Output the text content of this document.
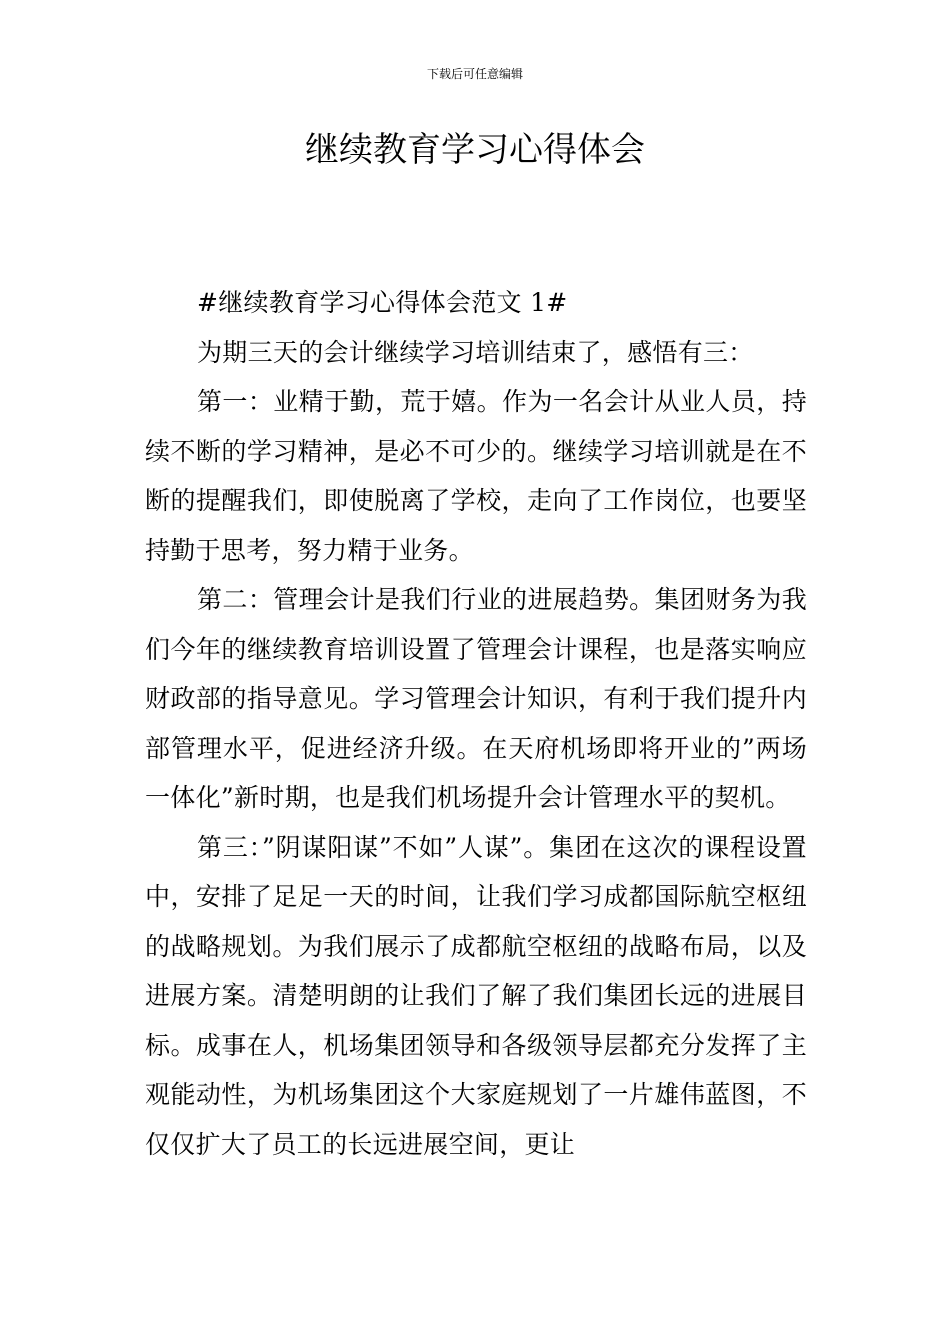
下载后可任意编辑
继续教育学习心得体会

#继续教育学习心得体会范文 1#

为期三天的会计继续学习培训结束了，感悟有三：

第一：业精于勤，荒于嬉。作为一名会计从业人员，持续不断的学习精神，是必不可少的。继续学习培训就是在不断的提醒我们，即使脱离了学校，走向了工作岗位，也要坚持勤于思考，努力精于业务。

第二：管理会计是我们行业的进展趋势。集团财务为我们今年的继续教育培训设置了管理会计课程，也是落实响应财政部的指导意见。学习管理会计知识，有利于我们提升内部管理水平，促进经济升级。在天府机场即将开业的”两场一体化”新时期，也是我们机场提升会计管理水平的契机。

第三：”阴谋阳谋”不如”人谋”。集团在这次的课程设置中，安排了足足一天的时间，让我们学习成都国际航空枢纽的战略规划。为我们展示了成都航空枢纽的战略布局，以及进展方案。清楚明朗的让我们了解了我们集团长远的进展目标。成事在人，机场集团领导和各级领导层都充分发挥了主观能动性，为机场集团这个大家庭规划了一片雄伟蓝图，不仅仅扩大了员工的长远进展空间，更让
